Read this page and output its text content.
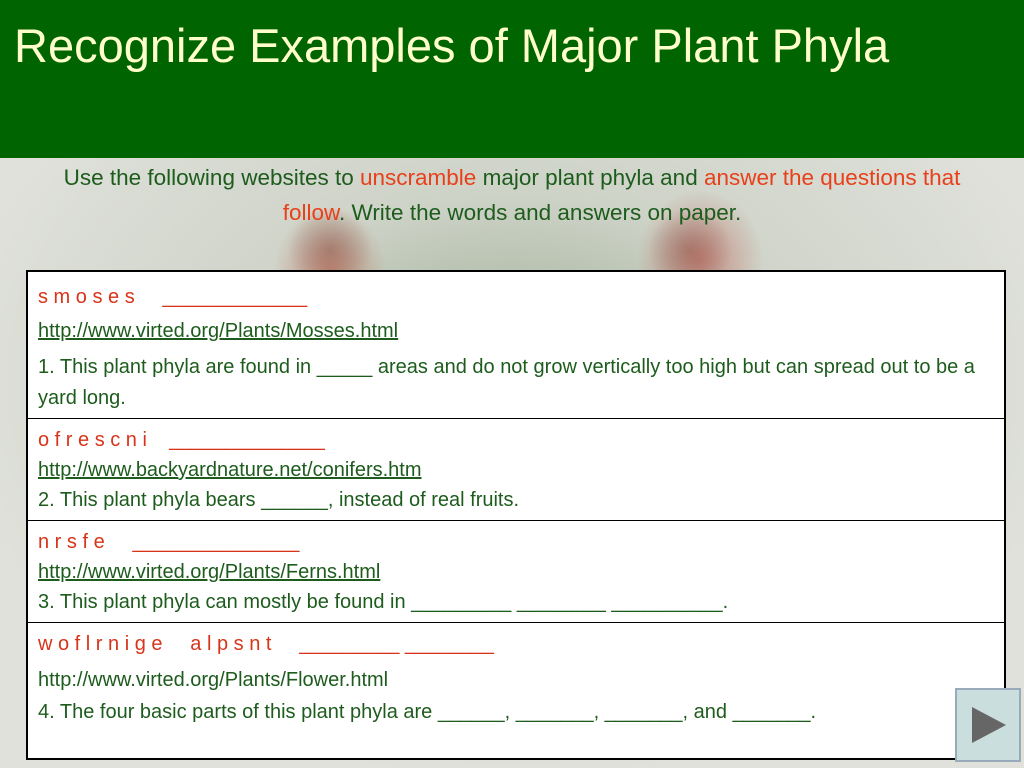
Recognize Examples of Major Plant Phyla
Use the following websites to unscramble major plant phyla and answer the questions that follow. Write the words and answers on paper.
s m o s e s     _____________
http://www.virted.org/Plants/Mosses.html
1. This plant phyla are found in _____ areas and do not grow vertically too high but can spread out to be a yard long.
o f r e s c n i    ______________
http://www.backyardnature.net/conifers.htm
2. This plant phyla bears ______, instead of real fruits.
n r s f e     _______________
http://www.virted.org/Plants/Ferns.html
3. This plant phyla can mostly be found in _________ ________ __________.
w o f l r n i g e     a l p s n t     _________ ________
http://www.virted.org/Plants/Flower.html
4. The four basic parts of this plant phyla are ______, _______, _______, and _______.
